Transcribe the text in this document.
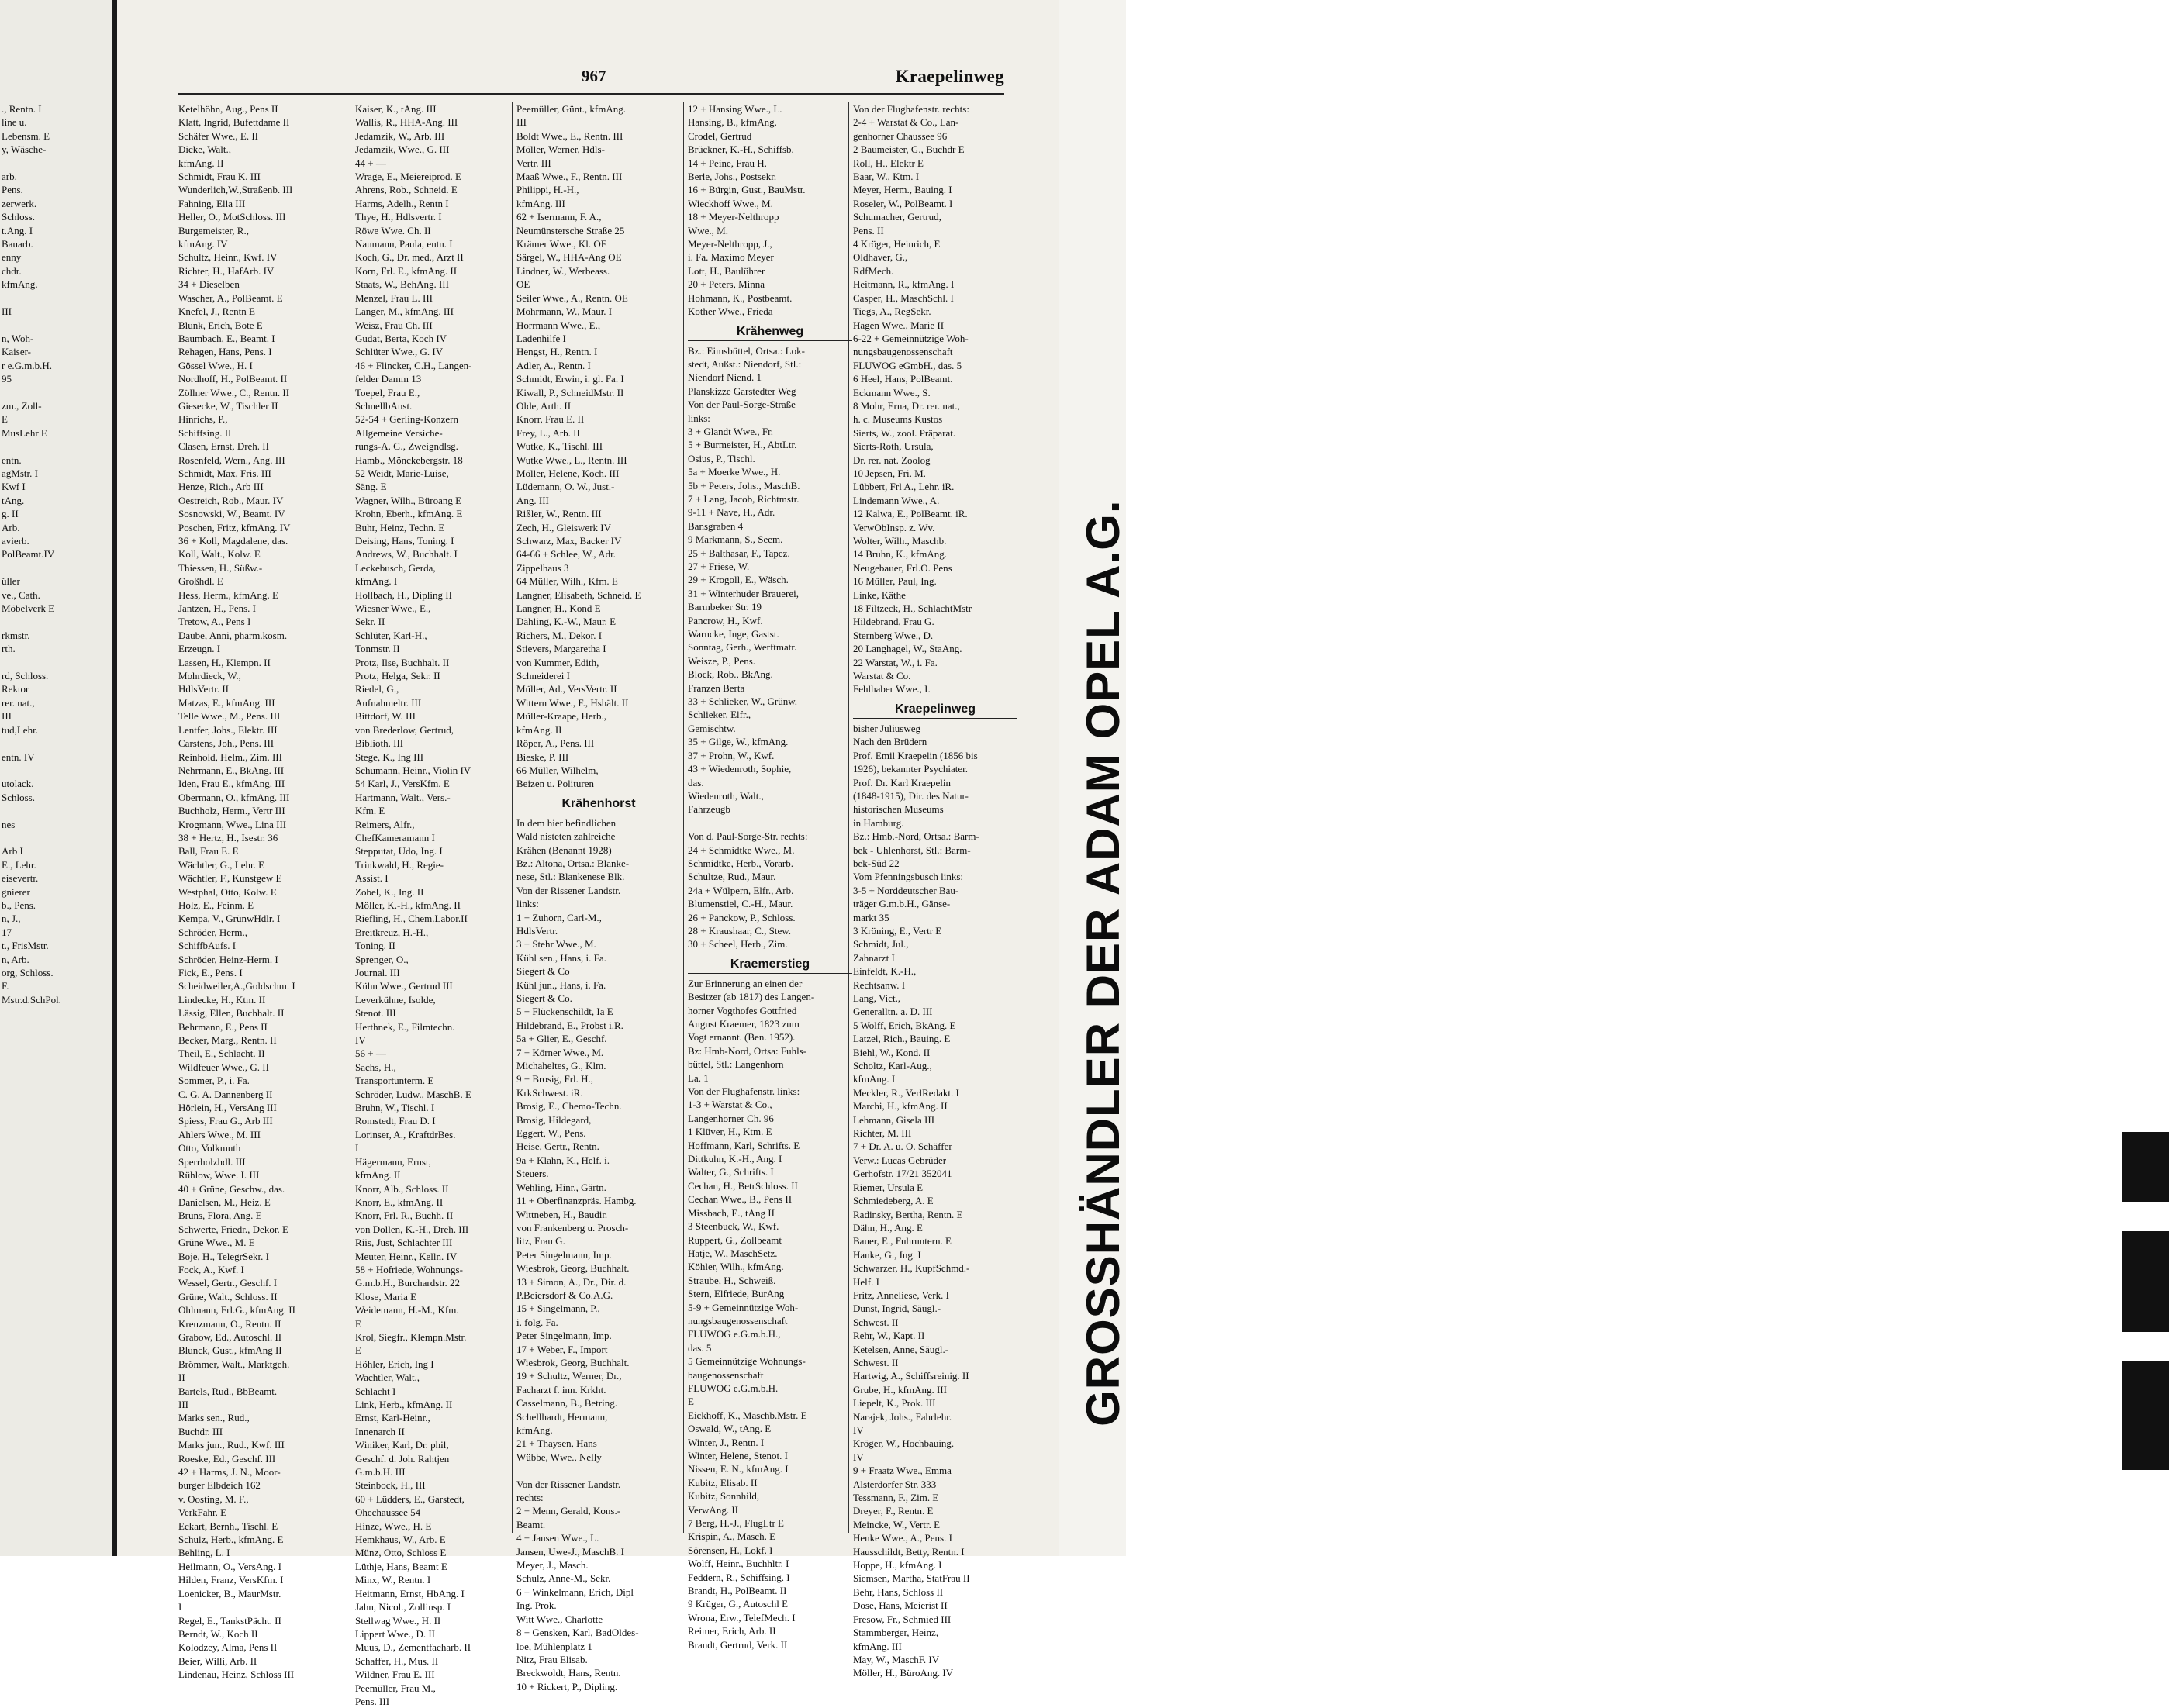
., Rentn. I
line u.
Lebensm. E
y, Wäsche-

arb.
Pens.
zerwerk.
Schloss.
t.Ang. I
Bauarb.
enny
chdr.
kfmAng.

III

n, Woh-
Kaiser-
r e.G.m.b.H.
95

zm., Zoll-
E
MusLehr E

entn.
agMstr. I
Kwf I
tAng.
g. II
Arb.
avierb.
PolBeamt.IV

üller
ve., Cath.
Möbelverk E

rkmstr.
rth.

rd, Schloss.
Rektor
rer. nat.,
III
tud,Lehr.

entn. IV

utolack.
Schloss.

nes

Arb I
E., Lehr.
eisevertr.
gnierer
b., Pens.
n, J.,
17
t., FrisMstr.
n, Arb.
org, Schloss.
F.
Mstr.d.SchPol.
967	Kraepelinweg
Ketelhöhn, Aug., Pens II
Klatt, Ingrid, Bufettdame II
Schäfer Wwe., E. II
Dicke, Walt.,
kfmAng. II
Schmidt, Frau K. III
Wunderlich,W.,Straßenb. III
Fahning, Ella III
Heller, O., MotSchloss. III
Burgemeister, R.,
kfmAng. IV
Schultz, Heinr., Kwf. IV
Richter, H., HafArb. IV
34 + Dieselben
Wascher, A., PolBeamt. E
Knefel, J., Rentn E
Blunk, Erich, Bote E
Baumbach, E., Beamt. I
Rehagen, Hans, Pens. I
Gössel Wwe., H. I
Nordhoff, H., PolBeamt. II
Zöllner Wwe., C., Rentn. II
Giesecke, W., Tischler II
Hinrichs, P.,
Schiffsing. II
Clasen, Ernst, Dreh. II
Rosenfeld, Wern., Ang. III
Schmidt, Max, Fris. III
Henze, Rich., Arb III
Oestreich, Rob., Maur. IV
Sosnowski, W., Beamt. IV
Poschen, Fritz, kfmAng. IV
36 + Koll, Magdalene, das.
Koll, Walt., Kolw. E
Thiessen, H., Süßw.-
Großhdl. E
Hess, Herm., kfmAng. E
Jantzen, H., Pens. I
Tretow, A., Pens I
Daube, Anni, pharm.kosm.
Erzeugn. I
Lassen, H., Klempn. II
Mohrdieck, W.,
HdlsVertr. II
Matzas, E., kfmAng. III
Telle Wwe., M., Pens. III
Lentfer, Johs., Elektr. III
Carstens, Joh., Pens. III
Reinhold, Helm., Zim. III
Nehrmann, E., BkAng. III
Iden, Frau E., kfmAng. III
Obermann, O., kfmAng. III
Buchholz, Herm., Vertr III
Krogmann, Wwe., Lina III
38 + Hertz, H., Isestr. 36
Ball, Frau E. E
Wächtler, G., Lehr. E
Wächtler, F., Kunstgew E
Westphal, Otto, Kolw. E
Holz, E., Feinm. E
Kempa, V., GrünwHdlr. I
Schröder, Herm.,
SchiffbAufs. I
Schröder, Heinz-Herm. I
Fick, E., Pens. I
Scheidweiler,A.,Goldschm. I
Lindecke, H., Ktm. II
Lässig, Ellen, Buchhalt. II
Behrmann, E., Pens II
Becker, Marg., Rentn. II
Theil, E., Schlacht. II
Wildfeuer Wwe., G. II
Sommer, P., i. Fa.
C. G. A. Dannenberg II
Hörlein, H., VersAng III
Spiess, Frau G., Arb III
Ahlers Wwe., M. III
Otto, Volkmuth
Sperrholzhdl. III
Rühlow, Wwe. I. III
40 + Grüne, Geschw., das.
Danielsen, M., Heiz. E
Bruns, Flora, Ang. E
Schwerte, Friedr., Dekor. E
Grüne Wwe., M. E
Boje, H., TelegrSekr. I
Fock, A., Kwf. I
Wessel, Gertr., Geschf. I
Grüne, Walt., Schloss. II
Ohlmann, Frl.G., kfmAng. II
Kreuzmann, O., Rentn. II
Grabow, Ed., Autoschl. II
Blunck, Gust., kfmAng II
Brömmer, Walt., Marktgeh.
II
Bartels, Rud., BbBeamt.
III
Marks sen., Rud.,
Buchdr. III
Marks jun., Rud., Kwf. III
Roeske, Ed., Geschf. III
42 + Harms, J. N., Moor-
burger Elbdeich 162
v. Oosting, M. F.,
VerkFahr. E
Eckart, Bernh., Tischl. E
Schulz, Herb., kfmAng. E
Behling, L. I
Heilmann, O., VersAng. I
Hilden, Franz, VersKfm. I
Loenicker, B., MaurMstr.
I
Regel, E., TankstPächt. II
Berndt, W., Koch II
Kolodzey, Alma, Pens II
Beier, Willi, Arb. II
Lindenau, Heinz, Schloss III
Kaiser, K., tAng. III
Wallis, R., HHA-Ang. III
Jedamzik, W., Arb. III
Jedamzik, Wwe., G. III
44 + —
Wrage, E., Meiereiprod. E
Ahrens, Rob., Schneid. E
Harms, Adelh., Rentn I
Thye, H., Hdlsvertr. I
Röwe Wwe. Ch. II
Naumann, Paula, entn. I
Koch, G., Dr. med., Arzt II
Korn, Frl. E., kfmAng. II
Staats, W., BehAng. III
Menzel, Frau L. III
Langer, M., kfmAng. III
Weisz, Frau Ch. III
Gudat, Berta, Koch IV
Schlüter Wwe., G. IV
46 + Flincker, C.H., Langen-
felder Damm 13
Toepel, Frau E.,
SchnellbAnst.
52-54 + Gerling-Konzern
Allgemeine Versiche-
rungs-A. G., Zweigndlsg.
Hamb., Mönckebergstr. 18
52 Weidt, Marie-Luise,
Säng. E
Wagner, Wilh., Büroang E
Krohn, Eberh., kfmAng. E
Buhr, Heinz, Techn. E
Deising, Hans, Toning. I
Andrews, W., Buchhalt. I
Leckebusch, Gerda,
kfmAng. I
Hollbach, H., Dipling II
Wiesner Wwe., E.,
Sekr. II
Schlüter, Karl-H.,
Tonmstr. II
Protz, Ilse, Buchhalt. II
Protz, Helga, Sekr. II
Riedel, G.,
Aufnahmeltr. III
Bittdorf, W. III
von Brederlow, Gertrud,
Biblioth. III
Stege, K., Ing III
Schumann, Heinr., Violin IV
54 Karl, J., VersKfm. E
Hartmann, Walt., Vers.-
Kfm. E
Reimers, Alfr.,
ChefKameramann I
Stepputat, Udo, Ing. I
Trinkwald, H., Regie-
Assist. I
Zobel, K., Ing. II
Möller, K.-H., kfmAng. II
Riefling, H., Chem.Labor.II
Breitkreuz, H.-H.,
Toning. II
Sprenger, O.,
Journal. III
Kühn Wwe., Gertrud III
Leverkühne, Isolde,
Stenot. III
Herthnek, E., Filmtechn.
IV
56 + —
Sachs, H.,
Transportunterm. E
Schröder, Ludw., MaschB. E
Bruhn, W., Tischl. I
Romstedt, Frau D. I
Lorinser, A., KraftdrBes.
I
Hägermann, Ernst,
kfmAng. II
Knorr, Alb., Schloss. II
Knorr, E., kfmAng. II
Knorr, Frl. R., Buchh. II
von Dollen, K.-H., Dreh. III
Riis, Just, Schlachter III
Meuter, Heinr., Kelln. IV
58 + Hofriede, Wohnungs-
G.m.b.H., Burchardstr. 22
Klose, Maria E
Weidemann, H.-M., Kfm.
E
Krol, Siegfr., Klempn.Mstr.
E
Höhler, Erich, Ing I
Wachtler, Walt.,
Schlacht I
Link, Herb., kfmAng. II
Ernst, Karl-Heinr.,
Innenarch II
Winiker, Karl, Dr. phil,
Geschf. d. Joh. Rahtjen
G.m.b.H. III
Steinbock, H., III
60 + Lüdders, E., Garstedt,
Ohechaussee 54
Hinze, Wwe., H. E
Hemkhaus, W., Arb. E
Münz, Otto, Schloss E
Lüthje, Hans, Beamt E
Minx, W., Rentn. I
Heitmann, Ernst, HbAng. I
Jahn, Nicol., Zollinsp. I
Stellwag Wwe., H. II
Lippert Wwe., D. II
Muus, D., Zementfacharb. II
Schaffer, H., Mus. II
Wildner, Frau E. III
Peemüller, Frau M.,
Pens. III
Peemüller, Günt., kfmAng.
III
Boldt Wwe., E., Rentn. III
Möller, Werner, Hdls-
Vertr. III
Maaß Wwe., F., Rentn. III
Philippi, H.-H.,
kfmAng. III
62 + Isermann, F. A.,
Neumünstersche Straße 25
Krämer Wwe., Kl. OE
Särgel, W., HHA-Ang OE
Lindner, W., Werbeass.
OE
Seiler Wwe., A., Rentn. OE
Mohrmann, W., Maur. I
Horrmann Wwe., E.,
Ladenhilfe I
Hengst, H., Rentn. I
Adler, A., Rentn. I
Schmidt, Erwin, i. gl. Fa. I
Kiwall, P., SchneidMstr. II
Olde, Arth. II
Knorr, Frau E. II
Frey, L., Arb. II
Wutke, K., Tischl. III
Wutke Wwe., L., Rentn. III
Möller, Helene, Koch. III
Lüdemann, O. W., Just.-
Ang. III
Rißler, W., Rentn. III
Zech, H., Gleiswerk IV
Schwarz, Max, Backer IV
64-66 + Schlee, W., Adr.
Zippelhaus 3
64 Müller, Wilh., Kfm. E
Langner, Elisabeth, Schneid. E
Langner, H., Kond E
Dähling, K.-W., Maur. E
Richers, M., Dekor. I
Stievers, Margaretha I
von Kummer, Edith,
Schneiderei I
Müller, Ad., VersVertr. II
Wittern Wwe., F., Hshält. II
Müller-Kraape, Herb.,
kfmAng. II
Röper, A., Pens. III
Bieske, P. III
66 Müller, Wilhelm,
Beizen u. Polituren
Krähenhorst
In dem hier befindlichen
Wald nisteten zahlreiche
Krähen (Benannt 1928)
Bz.: Altona, Ortsa.: Blanke-
nese, Stl.: Blankenese Blk.
Von der Rissener Landstr.
links:
1 + Zuhorn, Carl-M.,
HdlsVertr.
3 + Stehr Wwe., M.
Kühl sen., Hans, i. Fa.
Siegert & Co
Kühl jun., Hans, i. Fa.
Siegert & Co.
5 + Flückenschildt, Ia E
Hildebrand, E., Probst i.R.
5a + Glier, E., Geschf.
7 + Körner Wwe., M.
Michaheltes, G., Klm.
9 + Brosig, Frl. H.,
KrkSchwest. iR.
Brosig, E., Chemo-Techn.
Brosig, Hildegard,
Eggert, W., Pens.
Heise, Gertr., Rentn.
9a + Klahn, K., Helf. i.
Steuers.
Wehling, Hinr., Gärtn.
11 + Oberfinanzpräs. Hambg.
Wittneben, H., Baudir.
von Frankenberg u. Prosch-
litz, Frau G.
Peter Singelmann, Imp.
Wiesbrok, Georg, Buchhalt.
13 + Simon, A., Dr., Dir. d.
P.Beiersdorf & Co.A.G.
15 + Singelmann, P.,
i. folg. Fa.
Peter Singelmann, Imp.
17 + Weber, F., Import
Wiesbrok, Georg, Buchhalt.
19 + Schultz, Werner, Dr.,
Facharzt f. inn. Krkht.
Casselmann, B., Betring.
Schellhardt, Hermann,
kfmAng.
21 + Thaysen, Hans
Wübbe, Wwe., Nelly

Von der Rissener Landstr.
rechts:
2 + Menn, Gerald, Kons.-
Beamt.
4 + Jansen Wwe., L.
Jansen, Uwe-J., MaschB. I
Meyer, J., Masch.
Schulz, Anne-M., Sekr.
6 + Winkelmann, Erich, Dipl
Ing. Prok.
Witt Wwe., Charlotte
8 + Gensken, Karl, BadOldes-
loe, Mühlenplatz 1
Nitz, Frau Elisab.
Breckwoldt, Hans, Rentn.
10 + Rickert, P., Dipling.
12 + Hansing Wwe., L.
Hansing, B., kfmAng.
Crodel, Gertrud
Brückner, K.-H., Schiffsb.
14 + Peine, Frau H.
Berle, Johs., Postsekr.
16 + Bürgin, Gust., BauMstr.
Wieckhoff Wwe., M.
18 + Meyer-Nelthropp
Wwe., M.
Meyer-Nelthropp, J.,
i. Fa. Maximo Meyer
Lott, H., Baulührer
20 + Peters, Minna
Hohmann, K., Postbeamt.
Kother Wwe., Frieda
Krähenweg
Bz.: Eimsbüttel, Ortsa.: Lok-
stedt, Außst.: Niendorf, Stl.:
Niendorf Niend. 1
Planskizze Garstedter Weg
Von der Paul-Sorge-Straße
links:
3 + Glandt Wwe., Fr.
5 + Burmeister, H., AbtLtr.
Osius, P., Tischl.
5a + Moerke Wwe., H.
5b + Peters, Johs., MaschB.
7 + Lang, Jacob, Richtmstr.
9-11 + Nave, H., Adr.
Bansgraben 4
9 Markmann, S., Seem.
25 + Balthasar, F., Tapez.
27 + Friese, W.
29 + Krogoll, E., Wäsch.
31 + Winterhuder Brauerei,
Barmbeker Str. 19
Pancrow, H., Kwf.
Warncke, Inge, Gastst.
Sonntag, Gerh., Werftmatr.
Weisze, P., Pens.
Block, Rob., BkAng.
Franzen Berta
33 + Schlieker, W., Grünw.
Schlieker, Elfr.,
Gemischtw.
35 + Gilge, W., kfmAng.
37 + Prohn, W., Kwf.
43 + Wiedenroth, Sophie,
das.
Wiedenroth, Walt.,
Fahrzeugb

Von d. Paul-Sorge-Str. rechts:
24 + Schmidtke Wwe., M.
Schmidtke, Herb., Vorarb.
Schultze, Rud., Maur.
24a + Wülpern, Elfr., Arb.
Blumenstiel, C.-H., Maur.
26 + Panckow, P., Schloss.
28 + Kraushaar, C., Stew.
30 + Scheel, Herb., Zim.
Kraemerstieg
Zur Erinnerung an einen der
Besitzer (ab 1817) des Langen-
horner Vogthofes Gottfried
August Kraemer, 1823 zum
Vogt ernannt. (Ben. 1952).
Bz: Hmb-Nord, Ortsa: Fuhls-
büttel, Stl.: Langenhorn
La. 1
Von der Flughafenstr. links:
1-3 + Warstat & Co.,
Langenhorner Ch. 96
1 Klüver, H., Ktm. E
Hoffmann, Karl, Schrifts. E
Dittkuhn, K.-H., Ang. I
Walter, G., Schrifts. I
Cechan, H., BetrSchloss. II
Cechan Wwe., B., Pens II
Missbach, E., tAng II
3 Steenbuck, W., Kwf.
Ruppert, G., Zollbeamt
Hatje, W., MaschSetz.
Köhler, Wilh., kfmAng.
Straube, H., Schweiß.
Stern, Elfriede, BurAng
5-9 + Gemeinnützige Woh-
nungsbaugenossenschaft
FLUWOG e.G.m.b.H.,
das. 5
5 Gemeinnützige Wohnungs-
baugenossenschaft
FLUWOG e.G.m.b.H.
E
Eickhoff, K., Maschb.Mstr. E
Oswald, W., tAng. E
Winter, J., Rentn. I
Winter, Helene, Stenot. I
Nissen, E. N., kfmAng. I
Kubitz, Elisab. II
Kubitz, Sonnhild,
VerwAng. II
7 Berg, H.-J., FlugLtr E
Krispin, A., Masch. E
Sörensen, H., Lokf. I
Wolff, Heinr., Buchhltr. I
Feddern, R., Schiffsing. I
Brandt, H., PolBeamt. II
9 Krüger, G., Autoschl E
Wrona, Erw., TelefMech. I
Reimer, Erich, Arb. II
Brandt, Gertrud, Verk. II
Von der Flughafenstr. rechts:
2-4 + Warstat & Co., Lan-
genhorner Chaussee 96
2 Baumeister, G., Buchdr E
Roll, H., Elektr E
Baar, W., Ktm. I
Meyer, Herm., Bauing. I
Roseler, W., PolBeamt. I
Schumacher, Gertrud,
Pens. II
4 Kröger, Heinrich, E
Oldhaver, G.,
RdfMech.
Heitmann, R., kfmAng. I
Casper, H., MaschSchl. I
Tiegs, A., RegSekr.
Hagen Wwe., Marie II
6-22 + Gemeinnützige Woh-
nungsbaugenossenschaft
FLUWOG eGmbH., das. 5
6 Heel, Hans, PolBeamt.
Eckmann Wwe., S.
8 Mohr, Erna, Dr. rer. nat.,
h. c. Museums Kustos
Sierts, W., zool. Präparat.
Sierts-Roth, Ursula,
Dr. rer. nat. Zoolog
10 Jepsen, Fri. M.
Lübbert, Frl A., Lehr. iR.
Lindemann Wwe., A.
12 Kalwa, E., PolBeamt. iR.
VerwObInsp. z. Wv.
Wolter, Wilh., Maschb.
14 Bruhn, K., kfmAng.
Neugebauer, Frl.O. Pens
16 Müller, Paul, Ing.
Linke, Käthe
18 Filtzeck, H., SchlachtMstr
Hildebrand, Frau G.
Sternberg Wwe., D.
20 Langhagel, W., StaAng.
22 Warstat, W., i. Fa.
Warstat & Co.
Fehlhaber Wwe., I.
Kraepelinweg
bisher Juliusweg
Nach den Brüdern
Prof. Emil Kraepelin (1856 bis
1926), bekannter Psychiater.
Prof. Dr. Karl Kraepelin
(1848-1915), Dir. des Natur-
historischen Museums
in Hamburg.
Bz.: Hmb.-Nord, Ortsa.: Barm-
bek - Uhlenhorst, Stl.: Barm-
bek-Süd 22
Vom Pfenningsbusch links:
3-5 + Norddeutscher Bau-
träger G.m.b.H., Gänse-
markt 35
3 Kröning, E., Vertr E
Schmidt, Jul.,
Zahnarzt I
Einfeldt, K.-H.,
Rechtsanw. I
Lang, Vict.,
Generalltn. a. D. III
5 Wolff, Erich, BkAng. E
Latzel, Rich., Bauing. E
Biehl, W., Kond. II
Scholtz, Karl-Aug.,
kfmAng. I
Meckler, R., VerlRedakt. I
Marchi, H., kfmAng. II
Lehmann, Gisela III
Richter, M. III
7 + Dr. A. u. O. Schäffer
Verw.: Lucas Gebrüder
Gerhofstr. 17/21 352041
Riemer, Ursula E
Schmiedeberg, A. E
Radinsky, Bertha, Rentn. E
Dähn, H., Ang. E
Bauer, E., Fuhruntern. E
Hanke, G., Ing. I
Schwarzer, H., KupfSchmd.-
Helf. I
Fritz, Anneliese, Verk. I
Dunst, Ingrid, Säugl.-
Schwest. II
Rehr, W., Kapt. II
Ketelsen, Anne, Säugl.-
Schwest. II
Hartwig, A., Schiffsreinig. II
Grube, H., kfmAng. III
Liepelt, K., Prok. III
Narajek, Johs., Fahrlehr.
IV
Kröger, W., Hochbauing.
IV
9 + Fraatz Wwe., Emma
Alsterdorfer Str. 333
Tessmann, F., Zim. E
Dreyer, F., Rentn. E
Meincke, W., Vertr. E
Henke Wwe., A., Pens. I
Hausschildt, Betty, Rentn. I
Hoppe, H., kfmAng. I
Siemsen, Martha, StatFrau II
Behr, Hans, Schloss II
Dose, Hans, Meierist II
Fresow, Fr., Schmied III
Stammberger, Heinz,
kfmAng. III
May, W., MaschF. IV
Möller, H., BüroAng. IV
GROSSHÄNDLER DER ADAM OPEL A.G.
